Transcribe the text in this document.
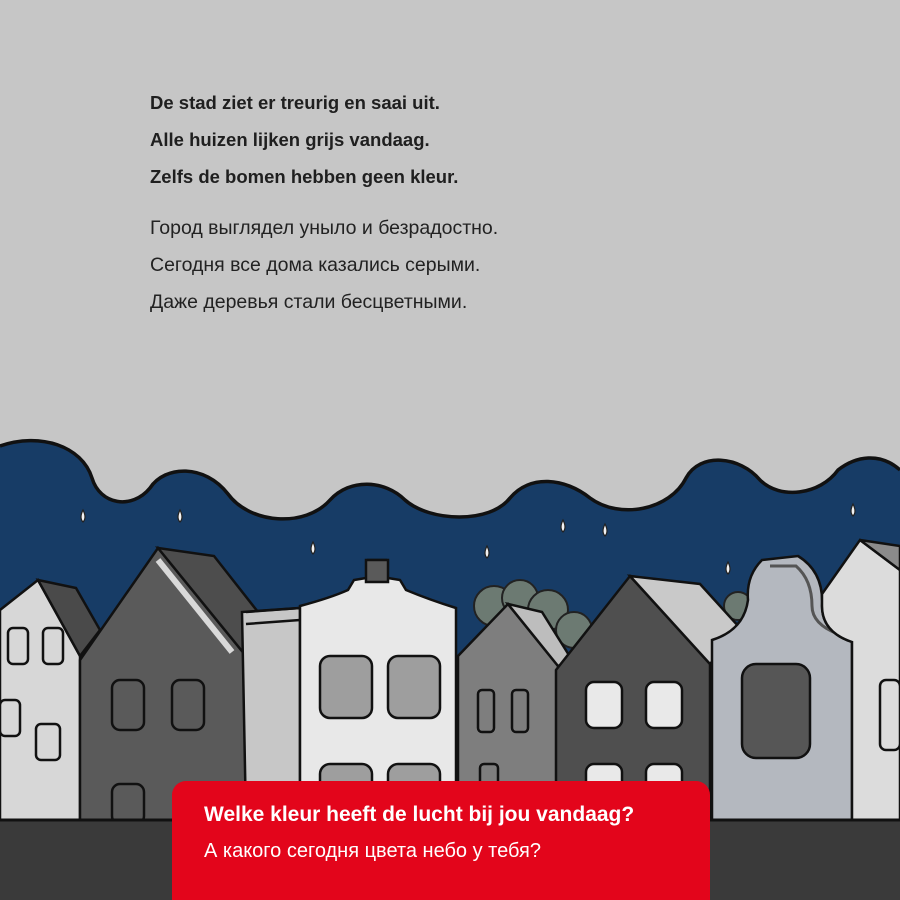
De stad ziet er treurig en saai uit.

Alle huizen lijken grijs vandaag.

Zelfs de bomen hebben geen kleur.

Город выглядел уныло и безрадостно.

Сегодня все дома казались серыми.

Даже деревья стали бесцветными.

Welke kleur heeft de lucht bij jou vandaag?

А какого сегодня цвета небо у тебя?
